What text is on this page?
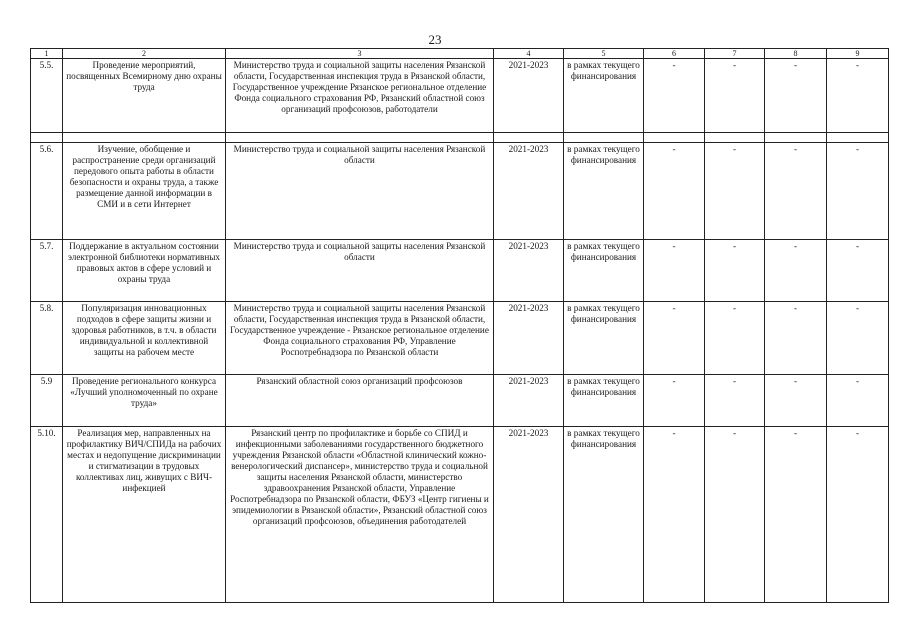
23
1	2	3	4	5	6	7	8	9
5.5.	Проведение мероприятий, посвященных Всемирному дню охраны труда	Министерство труда и социальной защиты населения Рязанской области, Государственная инспекция труда в Рязанской области, Государственное учреждение Рязанское региональное отделение Фонда социального страхования РФ, Рязанский областной союз организаций профсоюзов, работодатели	2021-2023	в рамках текущего финансирования	-	-	-	-

5.6.	Изучение, обобщение и распространение среди организаций передового опыта работы в области безопасности и охраны труда, а также размещение данной информации в СМИ и в сети Интернет	Министерство труда и социальной защиты населения Рязанской области	2021-2023	в рамках текущего финансирования	-	-	-	-
5.7.	Поддержание в актуальном состоянии электронной библиотеки нормативных правовых актов в сфере условий и охраны труда	Министерство труда и социальной защиты населения Рязанской области	2021-2023	в рамках текущего финансирования	-	-	-	-
5.8.	Популяризация инновационных подходов в сфере защиты жизни и здоровья работников, в т.ч. в области индивидуальной и коллективной защиты на рабочем месте	Министерство труда и социальной защиты населения Рязанской области, Государственная инспекция труда в Рязанской области, Государственное учреждение - Рязанское региональное отделение Фонда социального страхования РФ, Управление Роспотребнадзора по Рязанской области	2021-2023	в рамках текущего финансирования	-	-	-	-
5.9	Проведение регионального конкурса «Лучший уполномоченный по охране труда»	Рязанский областной союз организаций профсоюзов	2021-2023	в рамках текущего финансирования	-	-	-	-
5.10.	Реализация мер, направленных на профилактику ВИЧ/СПИДа на рабочих местах и недопущение дискриминации и стигматизации в трудовых коллективах лиц, живущих с ВИЧ-инфекцией	Рязанский центр по профилактике и борьбе со СПИД и инфекционными заболеваниями государственного бюджетного учреждения Рязанской области «Областной клинический кожно-венерологический диспансер», министерство труда и социальной защиты населения Рязанской области, министерство здравоохранения Рязанской области, Управление Роспотребнадзора по Рязанской области, ФБУЗ «Центр гигиены и эпидемиологии в Рязанской области», Рязанский областной союз организаций профсоюзов, объединения работодателей	2021-2023	в рамках текущего финансирования	-	-	-	-
